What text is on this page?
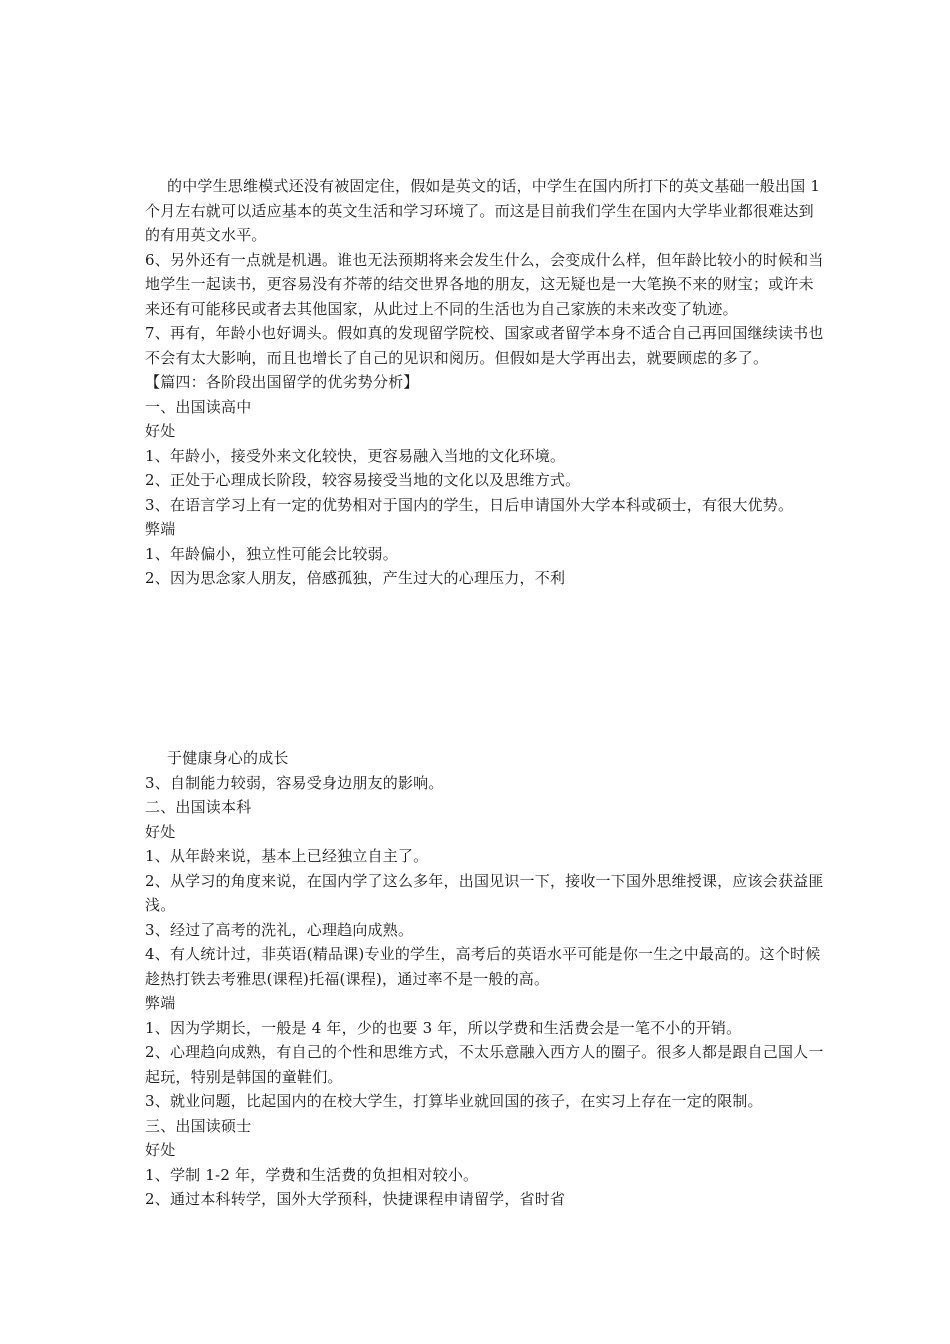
的中学生思维模式还没有被固定住，假如是英文的话，中学生在国内所打下的英文基础一般出国 1 个月左右就可以适应基本的英文生活和学习环境了。而这是目前我们学生在国内大学毕业都很难达到的有用英文水平。

6、另外还有一点就是机遇。谁也无法预期将来会发生什么，会变成什么样，但年龄比较小的时候和当地学生一起读书，更容易没有芥蒂的结交世界各地的朋友，这无疑也是一大笔换不来的财宝；或许未来还有可能移民或者去其他国家，从此过上不同的生活也为自己家族的未来改变了轨迹。

7、再有，年龄小也好调头。假如真的发现留学院校、国家或者留学本身不适合自己再回国继续读书也不会有太大影响，而且也增长了自己的见识和阅历。但假如是大学再出去，就要顾虑的多了。

【篇四：各阶段出国留学的优劣势分析】

一、出国读高中

好处

1、年龄小，接受外来文化较快，更容易融入当地的文化环境。

2、正处于心理成长阶段，较容易接受当地的文化以及思维方式。

3、在语言学习上有一定的优势相对于国内的学生，日后申请国外大学本科或硕士，有很大优势。

弊端

1、年龄偏小，独立性可能会比较弱。

2、因为思念家人朋友，倍感孤独，产生过大的心理压力，不利

于健康身心的成长

3、自制能力较弱，容易受身边朋友的影响。

二、出国读本科

好处

1、从年龄来说，基本上已经独立自主了。

2、从学习的角度来说，在国内学了这么多年，出国见识一下，接收一下国外思维授课，应该会获益匪浅。

3、经过了高考的洗礼，心理趋向成熟。

4、有人统计过，非英语(精品课)专业的学生，高考后的英语水平可能是你一生之中最高的。这个时候趁热打铁去考雅思(课程)托福(课程)，通过率不是一般的高。

弊端

1、因为学期长，一般是 4 年，少的也要 3 年，所以学费和生活费会是一笔不小的开销。

2、心理趋向成熟，有自己的个性和思维方式，不太乐意融入西方人的圈子。很多人都是跟自己国人一起玩，特别是韩国的童鞋们。

3、就业问题，比起国内的在校大学生，打算毕业就回国的孩子，在实习上存在一定的限制。

三、出国读硕士

好处

1、学制 1-2 年，学费和生活费的负担相对较小。

2、通过本科转学，国外大学预科，快捷课程申请留学，省时省
